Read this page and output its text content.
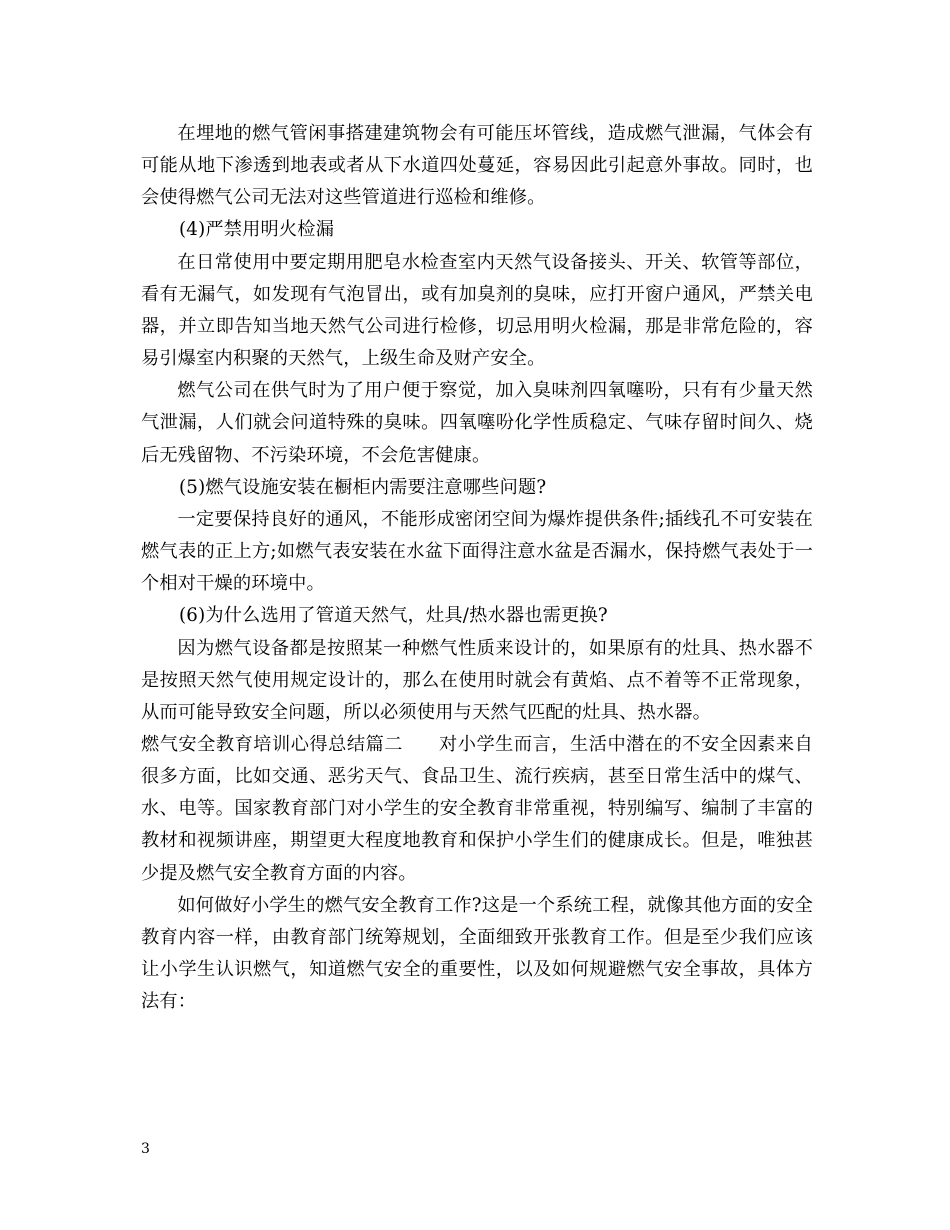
在埋地的燃气管闲事搭建建筑物会有可能压坏管线，造成燃气泄漏，气体会有可能从地下渗透到地表或者从下水道四处蔓延，容易因此引起意外事故。同时，也会使得燃气公司无法对这些管道进行巡检和维修。

(4)严禁用明火检漏

在日常使用中要定期用肥皂水检查室内天然气设备接头、开关、软管等部位，看有无漏气，如发现有气泡冒出，或有加臭剂的臭味，应打开窗户通风，严禁关电器，并立即告知当地天然气公司进行检修，切忌用明火检漏，那是非常危险的，容易引爆室内积聚的天然气，上级生命及财产安全。

燃气公司在供气时为了用户便于察觉，加入臭味剂四氧噻吩，只有有少量天然气泄漏，人们就会问道特殊的臭味。四氧噻吩化学性质稳定、气味存留时间久、烧后无残留物、不污染环境，不会危害健康。

(5)燃气设施安装在橱柜内需要注意哪些问题?

一定要保持良好的通风，不能形成密闭空间为爆炸提供条件;插线孔不可安装在燃气表的正上方;如燃气表安装在水盆下面得注意水盆是否漏水，保持燃气表处于一个相对干燥的环境中。

(6)为什么选用了管道天然气，灶具/热水器也需更换?

因为燃气设备都是按照某一种燃气性质来设计的，如果原有的灶具、热水器不是按照天然气使用规定设计的，那么在使用时就会有黄焰、点不着等不正常现象，从而可能导致安全问题，所以必须使用与天然气匹配的灶具、热水器。

燃气安全教育培训心得总结篇二 对小学生而言，生活中潜在的不安全因素来自很多方面，比如交通、恶劣天气、食品卫生、流行疾病，甚至日常生活中的煤气、水、电等。国家教育部门对小学生的安全教育非常重视，特别编写、编制了丰富的教材和视频讲座，期望更大程度地教育和保护小学生们的健康成长。但是，唯独甚少提及燃气安全教育方面的内容。

如何做好小学生的燃气安全教育工作?这是一个系统工程，就像其他方面的安全教育内容一样，由教育部门统筹规划，全面细致开张教育工作。但是至少我们应该让小学生认识燃气，知道燃气安全的重要性，以及如何规避燃气安全事故，具体方法有：

3
